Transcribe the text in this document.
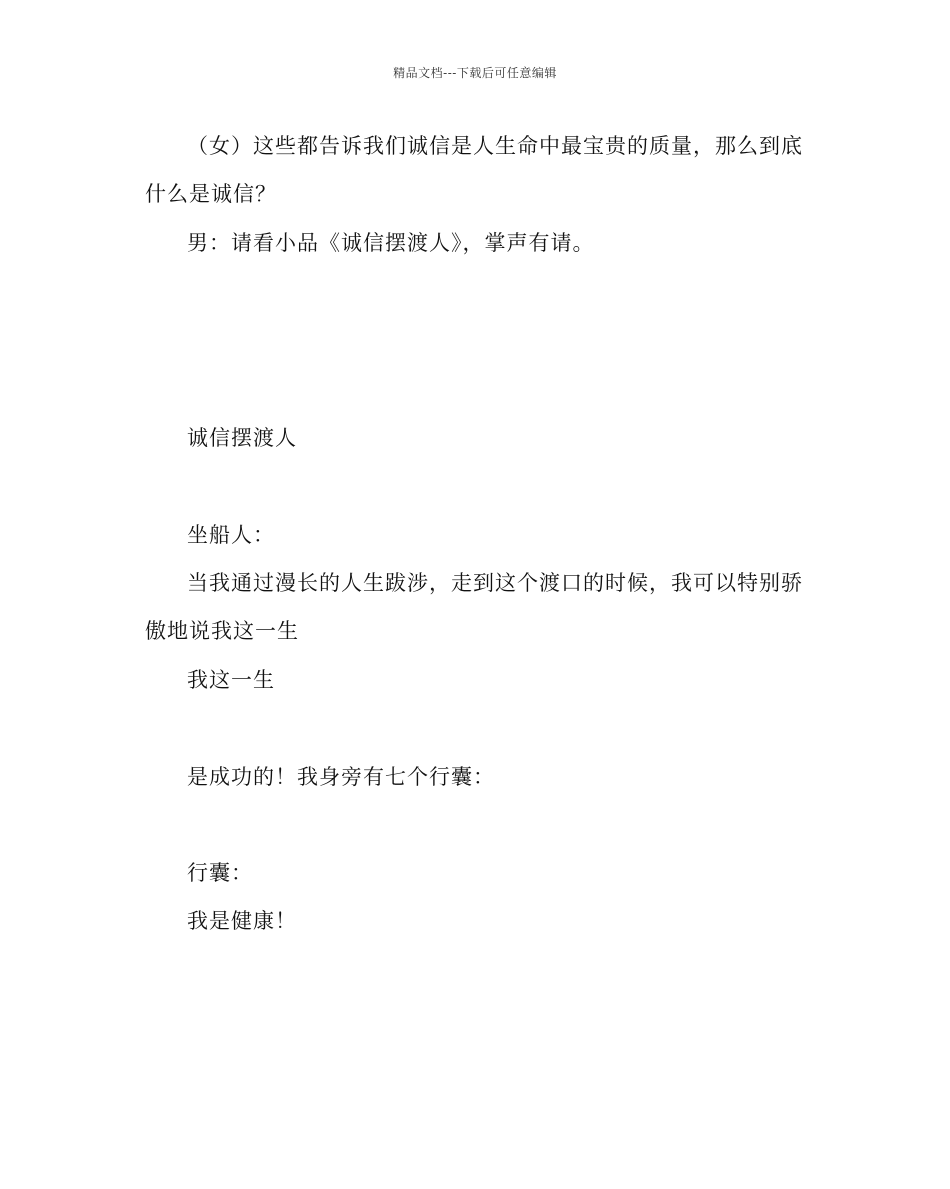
精品文档---下载后可任意编辑
（女）这些都告诉我们诚信是人生命中最宝贵的质量，那么到底
什么是诚信？
男：请看小品《诚信摆渡人》，掌声有请。
诚信摆渡人
坐船人：
当我通过漫长的人生跋涉，走到这个渡口的时候，我可以特别骄
傲地说我这一生
我这一生
是成功的！我身旁有七个行囊：
行囊：
我是健康！
